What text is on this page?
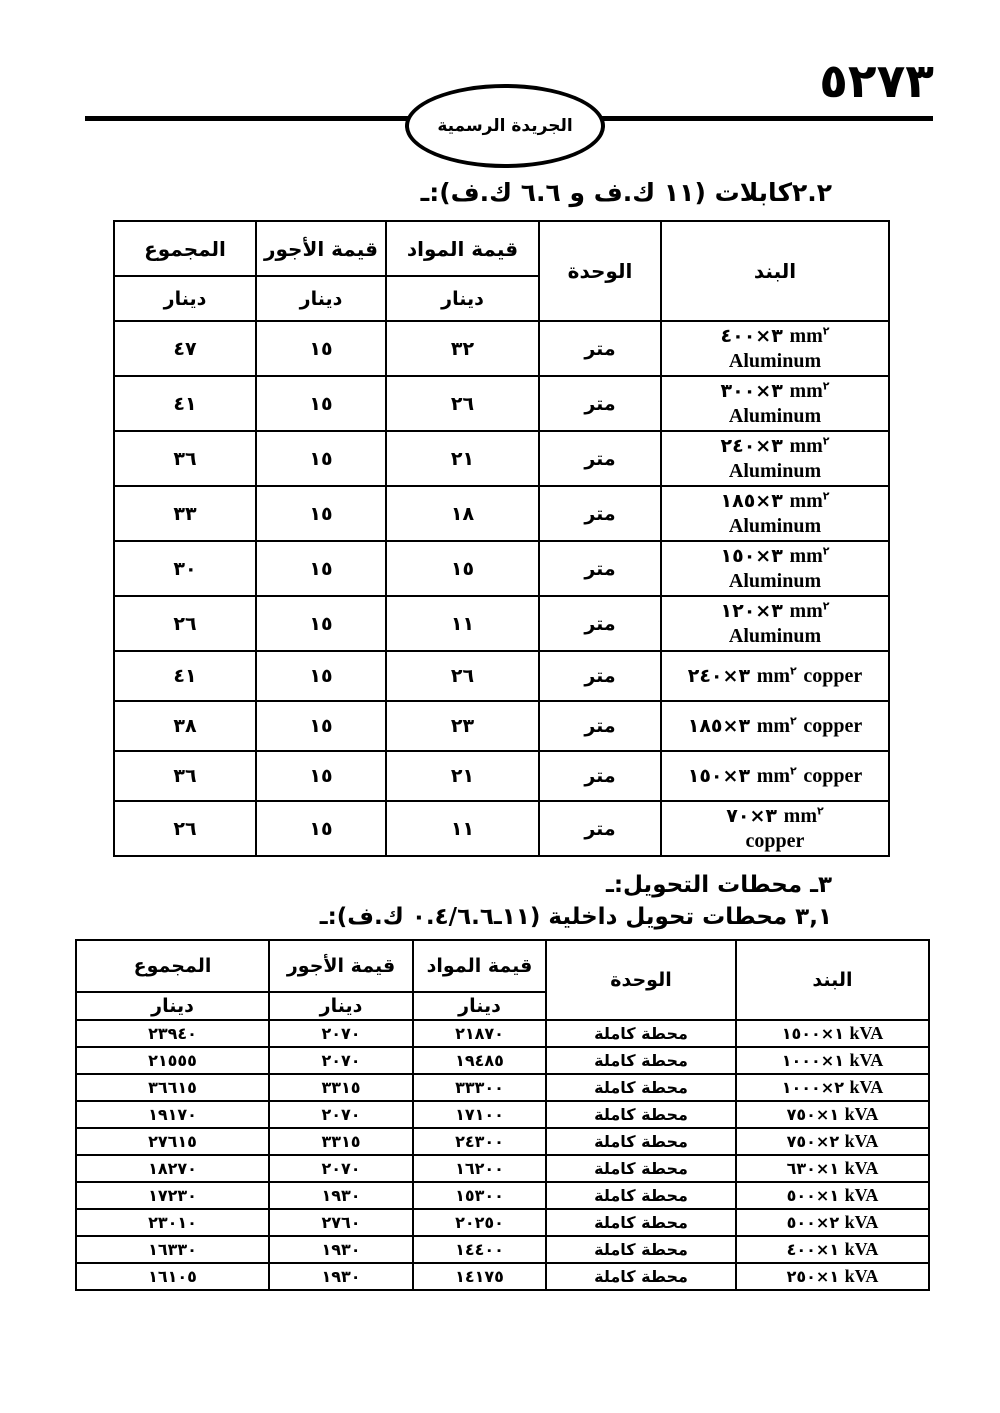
٥٢٧٣
الجريدة الرسمية
٢.٢كابلات (١١ ك.ف و ٦.٦ ك.ف):ـ
البند	الوحدة	قيمة المواد	قيمة الأجور	المجموع
		دينار	دينار	دينار

٣×٤٠٠ $mm^٢$
Aluminum	متر	٣٢	١٥	٤٧

٣×٣٠٠ $mm^٢$
Aluminum	متر	٢٦	١٥	٤١

٣×٢٤٠ $mm^٢$
Aluminum	متر	٢١	١٥	٣٦

٣×١٨٥ $mm^٢$
Aluminum	متر	١٨	١٥	٣٣

٣×١٥٠ $mm^٢$
Aluminum	متر	١٥	١٥	٣٠

٣×١٢٠ $mm^٢$
Aluminum	متر	١١	١٥	٢٦

٣×٢٤٠ $mm^٢$ copper	متر	٢٦	١٥	٤١

٣×١٨٥ $mm^٢$ copper	متر	٢٣	١٥	٣٨

٣×١٥٠ $mm^٢$ copper	متر	٢١	١٥	٣٦

٣×٧٠ $mm^٢$
copper	متر	١١	١٥	٢٦
٣ـ محطات التحويل:ـ
٣,١ محطات تحويل داخلية (١١ـ٦.٦‏/٠.٤ ك.ف):ـ
البند	الوحدة	قيمة المواد	قيمة الأجور	المجموع
		دينار	دينار	دينار

١×١٥٠٠ kVA	محطة كاملة	٢١٨٧٠	٢٠٧٠	٢٣٩٤٠

١×١٠٠٠ kVA	محطة كاملة	١٩٤٨٥	٢٠٧٠	٢١٥٥٥

٢×١٠٠٠ kVA	محطة كاملة	٣٣٣٠٠	٣٣١٥	٣٦٦١٥

١×٧٥٠ kVA	محطة كاملة	١٧١٠٠	٢٠٧٠	١٩١٧٠

٢×٧٥٠ kVA	محطة كاملة	٢٤٣٠٠	٣٣١٥	٢٧٦١٥

١×٦٣٠ kVA	محطة كاملة	١٦٢٠٠	٢٠٧٠	١٨٢٧٠

١×٥٠٠ kVA	محطة كاملة	١٥٣٠٠	١٩٣٠	١٧٢٣٠

٢×٥٠٠ kVA	محطة كاملة	٢٠٢٥٠	٢٧٦٠	٢٣٠١٠

١×٤٠٠ kVA	محطة كاملة	١٤٤٠٠	١٩٣٠	١٦٣٣٠

١×٢٥٠ kVA	محطة كاملة	١٤١٧٥	١٩٣٠	١٦١٠٥
